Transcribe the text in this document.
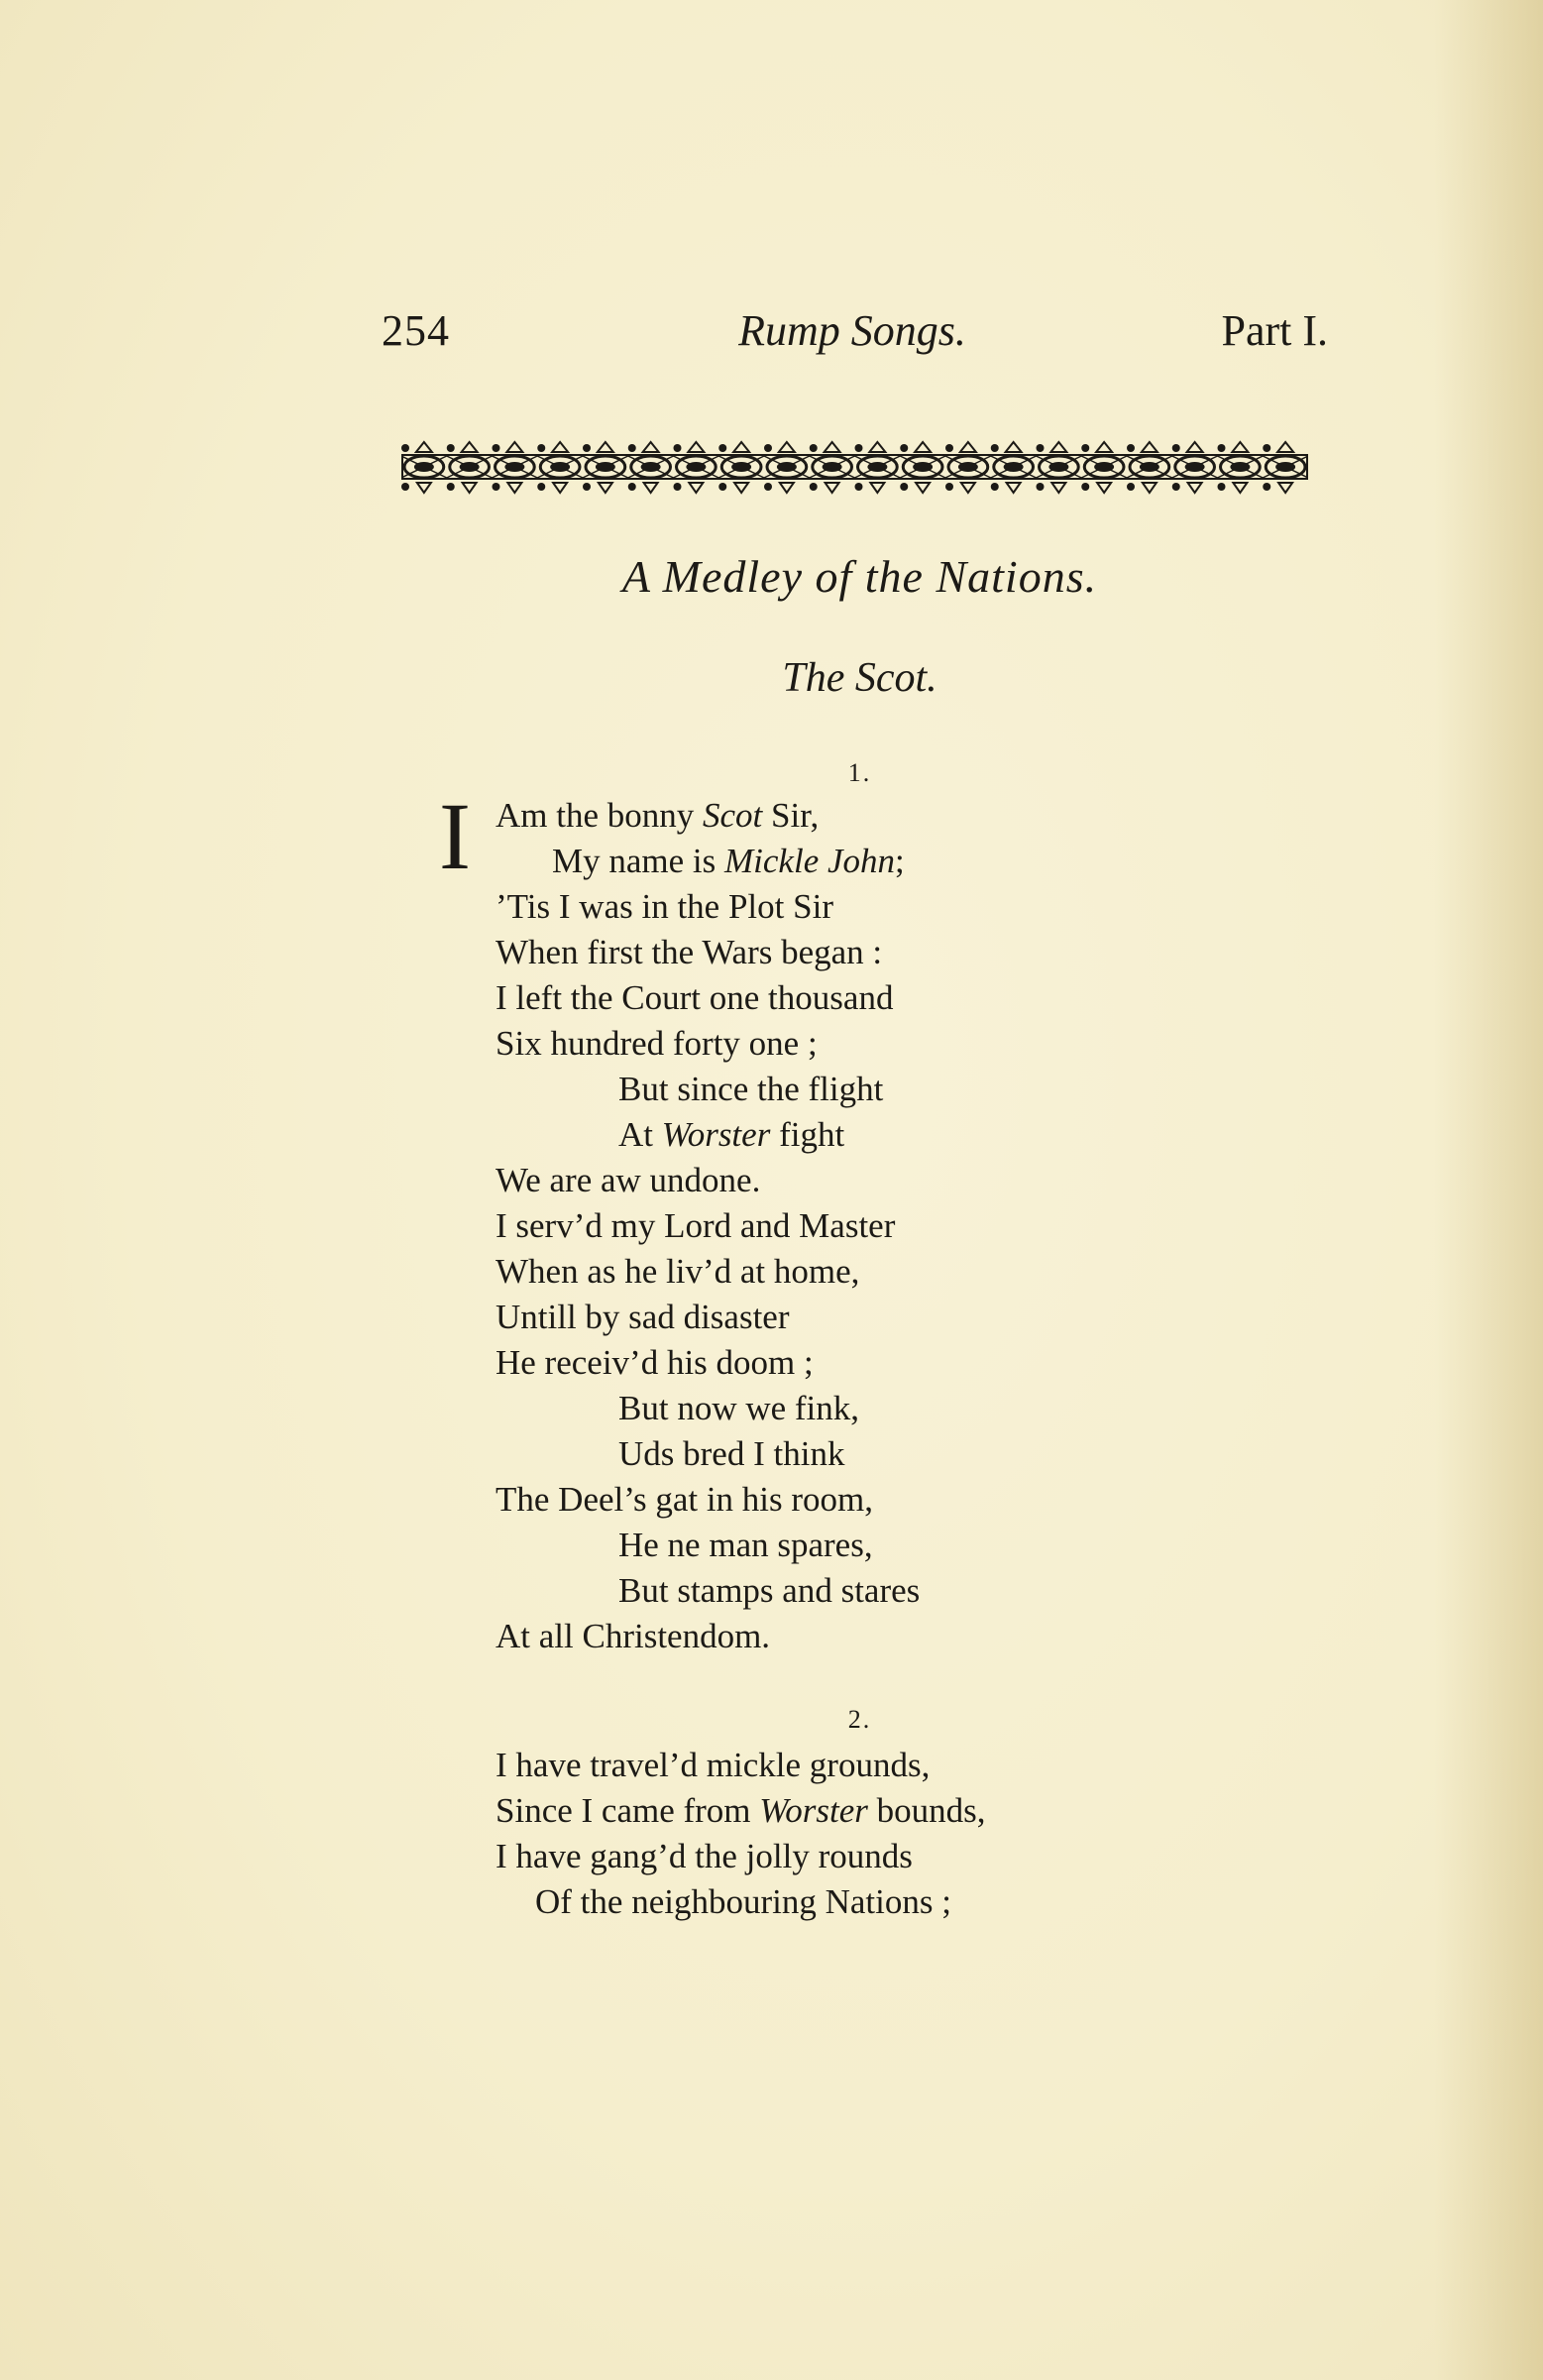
254	Rump Songs.	Part I.
A Medley of the Nations.
The Scot.
1.
I Am the bonny Scot Sir,
My name is Mickle John;
’Tis I was in the Plot Sir
When first the Wars began :
I left the Court one thousand
Six hundred forty one ;
But since the flight
At Worster fight
We are aw undone.
I serv’d my Lord and Master
When as he liv’d at home,
Untill by sad disaster
He receiv’d his doom ;
But now we fink,
Uds bred I think
The Deel’s gat in his room,
He ne man spares,
But stamps and stares
At all Christendom.
2.
I have travel’d mickle grounds,
Since I came from Worster bounds,
I have gang’d the jolly rounds
Of the neighbouring Nations ;
